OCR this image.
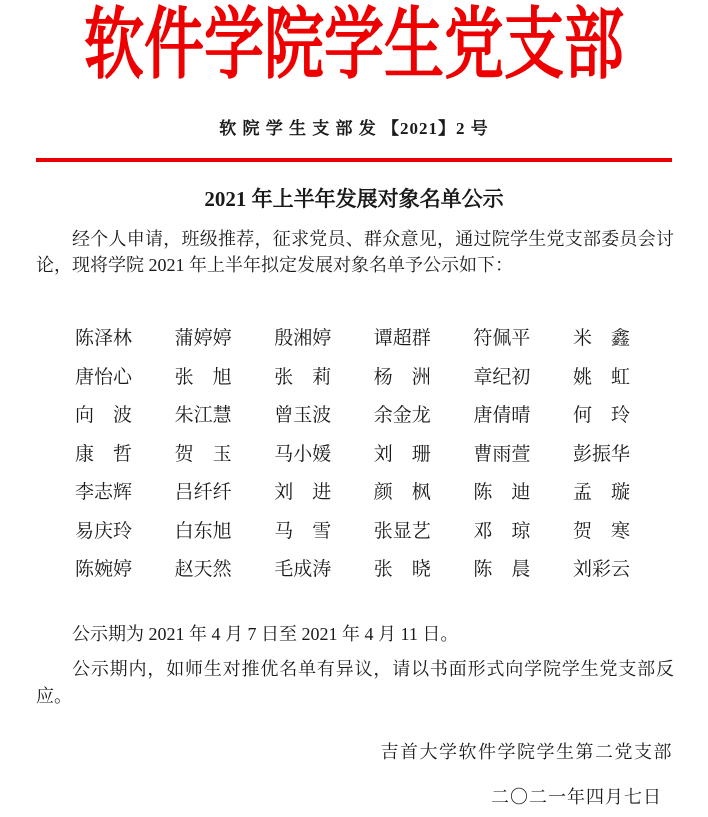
软件学院学生党支部
软 院 学 生 支 部 发 【2021】2 号
2021 年上半年发展对象名单公示

经个人申请，班级推荐，征求党员、群众意见，通过院学生党支部委员会讨论，现将学院 2021 年上半年拟定发展对象名单予公示如下：

陈泽林 蒲婷婷 殷湘婷 谭超群 符佩平 米　鑫
唐怡心 张　旭 张　莉 杨　洲 章纪初 姚　虹
向　波 朱江慧 曾玉波 余金龙 唐倩晴 何　玲
康　哲 贺　玉 马小媛 刘　珊 曹雨萱 彭振华
李志辉 吕纤纤 刘　进 颜　枫 陈　迪 孟　璇
易庆玲 白东旭 马　雪 张显艺 邓　琼 贺　寒
陈婉婷 赵天然 毛成涛 张　晓 陈　晨 刘彩云

公示期为 2021 年 4 月 7 日至 2021 年 4 月 11 日。

公示期内，如师生对推优名单有异议，请以书面形式向学院学生党支部反应。

吉首大学软件学院学生第二党支部
二〇二一年四月七日
